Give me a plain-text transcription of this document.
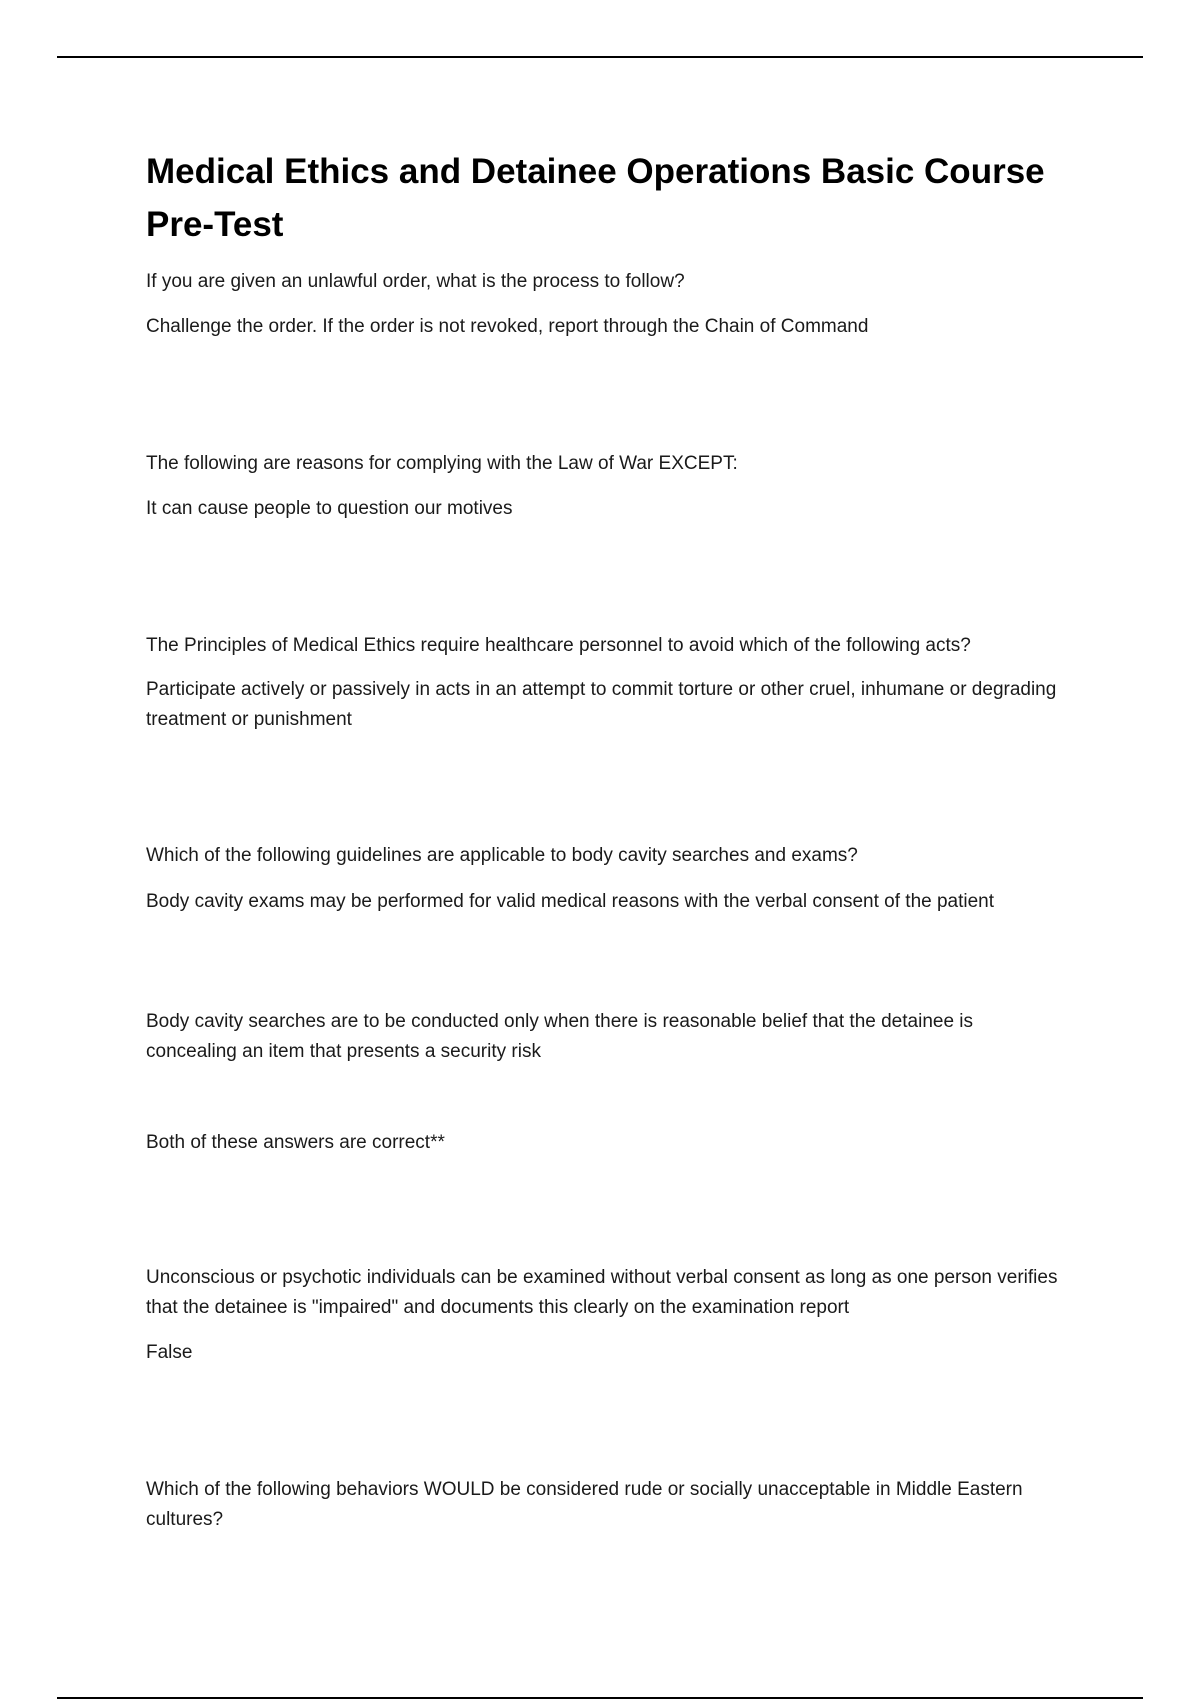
Medical Ethics and Detainee Operations Basic Course Pre-Test

If you are given an unlawful order, what is the process to follow?

Challenge the order. If the order is not revoked, report through the Chain of Command

The following are reasons for complying with the Law of War EXCEPT:

It can cause people to question our motives

The Principles of Medical Ethics require healthcare personnel to avoid which of the following acts?

Participate actively or passively in acts in an attempt to commit torture or other cruel, inhumane or degrading treatment or punishment

Which of the following guidelines are applicable to body cavity searches and exams?

Body cavity exams may be performed for valid medical reasons with the verbal consent of the patient

Body cavity searches are to be conducted only when there is reasonable belief that the detainee is concealing an item that presents a security risk

Both of these answers are correct**

Unconscious or psychotic individuals can be examined without verbal consent as long as one person verifies that the detainee is "impaired" and documents this clearly on the examination report

False

Which of the following behaviors WOULD be considered rude or socially unacceptable in Middle Eastern cultures?
